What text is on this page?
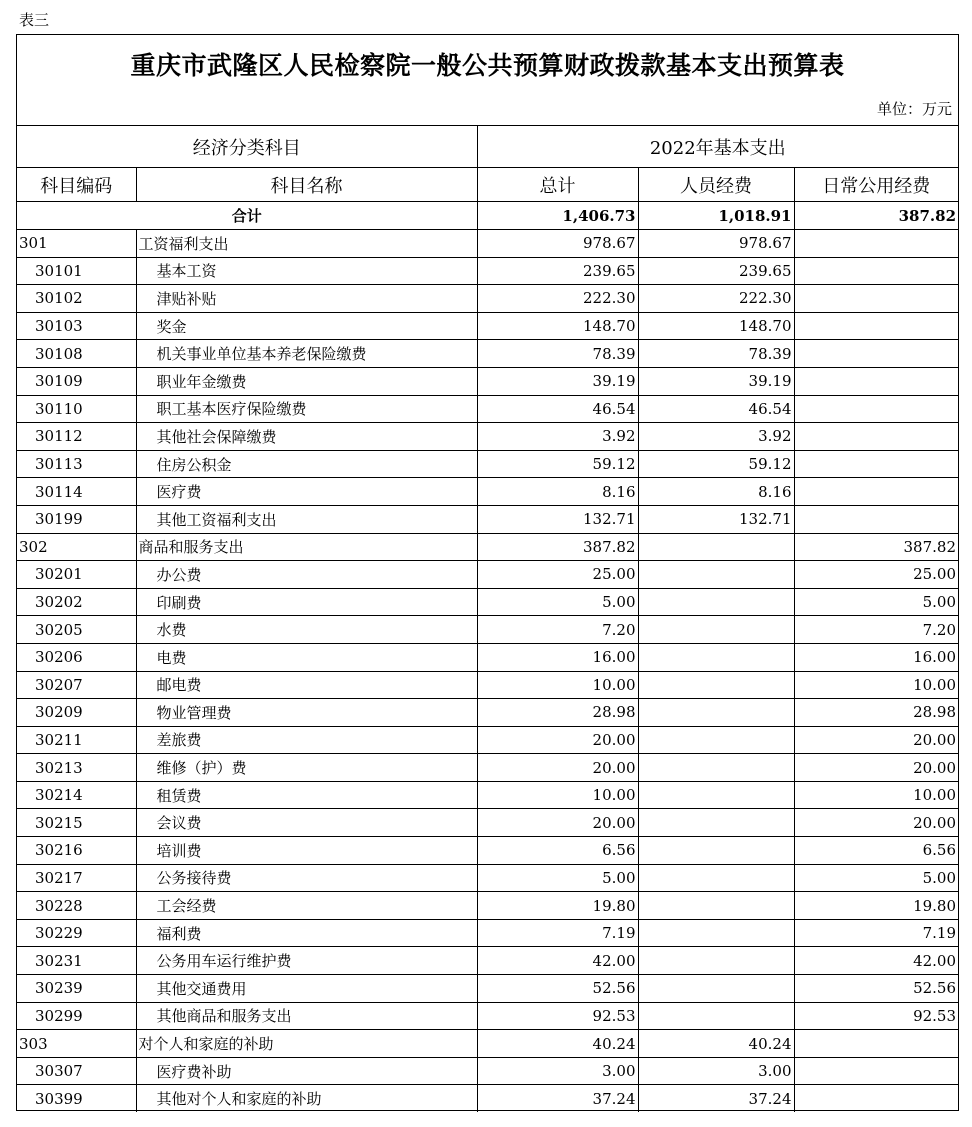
表三
重庆市武隆区人民检察院一般公共预算财政拨款基本支出预算表
单位：万元
经济分类科目		2022年基本支出		
科目编码	科目名称	总计	人员经费	日常公用经费
合计		1,406.73	1,018.91	387.82
301	工资福利支出	978.67	978.67	
30101	基本工资	239.65	239.65	
30102	津贴补贴	222.30	222.30	
30103	奖金	148.70	148.70	
30108	机关事业单位基本养老保险缴费	78.39	78.39	
30109	职业年金缴费	39.19	39.19	
30110	职工基本医疗保险缴费	46.54	46.54	
30112	其他社会保障缴费	3.92	3.92	
30113	住房公积金	59.12	59.12	
30114	医疗费	8.16	8.16	
30199	其他工资福利支出	132.71	132.71	
302	商品和服务支出	387.82		387.82
30201	办公费	25.00		25.00
30202	印刷费	5.00		5.00
30205	水费	7.20		7.20
30206	电费	16.00		16.00
30207	邮电费	10.00		10.00
30209	物业管理费	28.98		28.98
30211	差旅费	20.00		20.00
30213	维修（护）费	20.00		20.00
30214	租赁费	10.00		10.00
30215	会议费	20.00		20.00
30216	培训费	6.56		6.56
30217	公务接待费	5.00		5.00
30228	工会经费	19.80		19.80
30229	福利费	7.19		7.19
30231	公务用车运行维护费	42.00		42.00
30239	其他交通费用	52.56		52.56
30299	其他商品和服务支出	92.53		92.53
303	对个人和家庭的补助	40.24	40.24	
30307	医疗费补助	3.00	3.00	
30399	其他对个人和家庭的补助	37.24	37.24	
